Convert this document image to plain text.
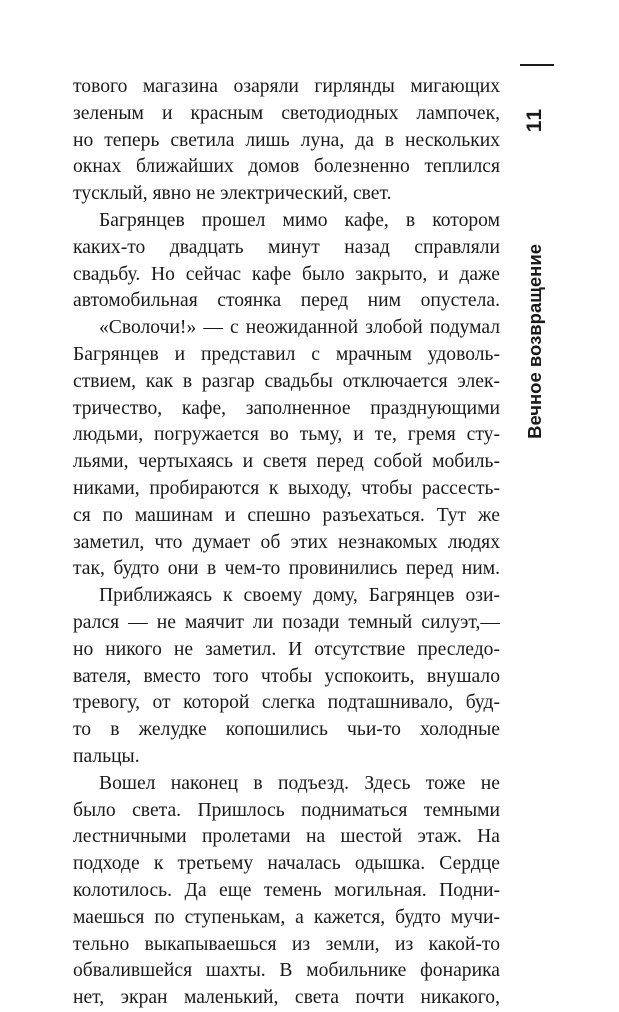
тового магазина озаряли гирлянды мигающих
зеленым и красным светодиодных лампочек,
но теперь светила лишь луна, да в нескольких
окнах ближайших домов болезненно теплился
тусклый, явно не электрический, свет.

Багрянцев прошел мимо кафе, в котором
каких-то двадцать минут назад справляли
свадьбу. Но сейчас кафе было закрыто, и даже
автомобильная стоянка перед ним опустела.

«Сволочи!» — с неожиданной злобой подумал
Багрянцев и представил с мрачным удоволь-
ствием, как в разгар свадьбы отключается элек-
тричество, кафе, заполненное празднующими
людьми, погружается во тьму, и те, гремя сту-
льями, чертыхаясь и светя перед собой мобиль-
никами, пробираются к выходу, чтобы рассесть-
ся по машинам и спешно разъехаться. Тут же
заметил, что думает об этих незнакомых людях
так, будто они в чем-то провинились перед ним.

Приближаясь к своему дому, Багрянцев ози-
рался — не маячит ли позади темный силуэт,—
но никого не заметил. И отсутствие преследо-
вателя, вместо того чтобы успокоить, внушало
тревогу, от которой слегка подташнивало, буд-
то в желудке копошились чьи-то холодные
пальцы.

Вошел наконец в подъезд. Здесь тоже не
было света. Пришлось подниматься темными
лестничными пролетами на шестой этаж. На
подходе к третьему началась одышка. Сердце
колотилось. Да еще темень могильная. Подни-
маешься по ступенькам, а кажется, будто мучи-
тельно выкапываешься из земли, из какой-то
обвалившейся шахты. В мобильнике фонарика
нет, экран маленький, света почти никакого,

11
Вечное возвращение
